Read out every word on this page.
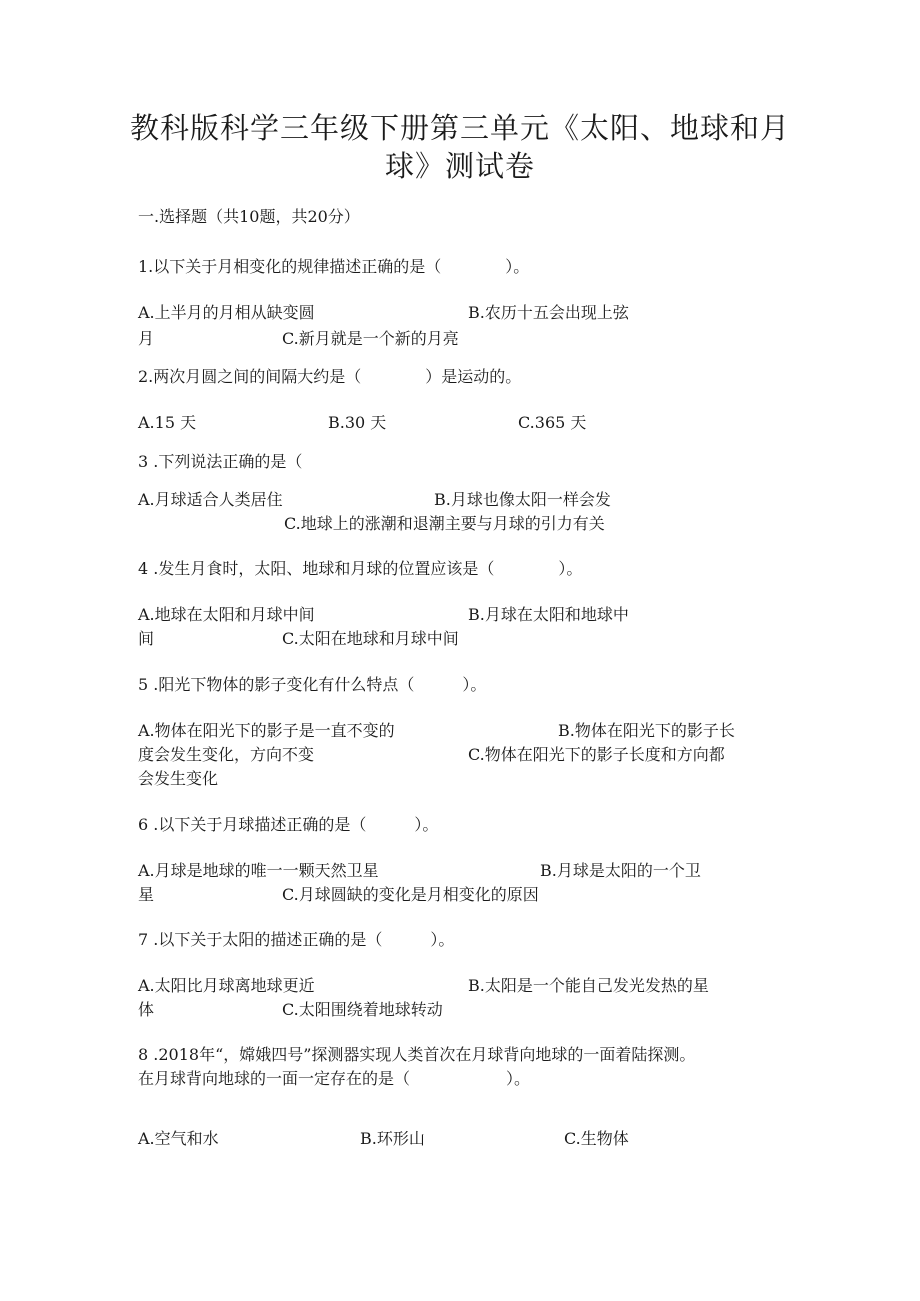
教科版科学三年级下册第三单元《太阳、地球和月
球》测试卷
一.选择题（共10题，共20分）
1.以下关于月相变化的规律描述正确的是（　　　　）。
A.上半月的月相从缺变圆	B.农历十五会出现上弦
月	C.新月就是一个新的月亮
2.两次月圆之间的间隔大约是（　　　　）是运动的。
A.15 天	B.30 天	C.365 天
3 .下列说法正确的是（
A.月球适合人类居住	B.月球也像太阳一样会发
C.地球上的涨潮和退潮主要与月球的引力有关
4 .发生月食时，太阳、地球和月球的位置应该是（　　　　）。
A.地球在太阳和月球中间	B.月球在太阳和地球中
间	C.太阳在地球和月球中间
5 .阳光下物体的影子变化有什么特点（　　　）。
A.物体在阳光下的影子是一直不变的	B.物体在阳光下的影子长
度会发生变化，方向不变	C.物体在阳光下的影子长度和方向都
会发生变化
6 .以下关于月球描述正确的是（　　　）。
A.月球是地球的唯一一颗天然卫星	B.月球是太阳的一个卫
星	C.月球圆缺的变化是月相变化的原因
7 .以下关于太阳的描述正确的是（　　　）。
A.太阳比月球离地球更近	B.太阳是一个能自己发光发热的星
体	C.太阳围绕着地球转动
8 .2018年“，嫦娥四号”探测器实现人类首次在月球背向地球的一面着陆探测。
在月球背向地球的一面一定存在的是（　　　　　　）。
A.空气和水	B.环形山	C.生物体
